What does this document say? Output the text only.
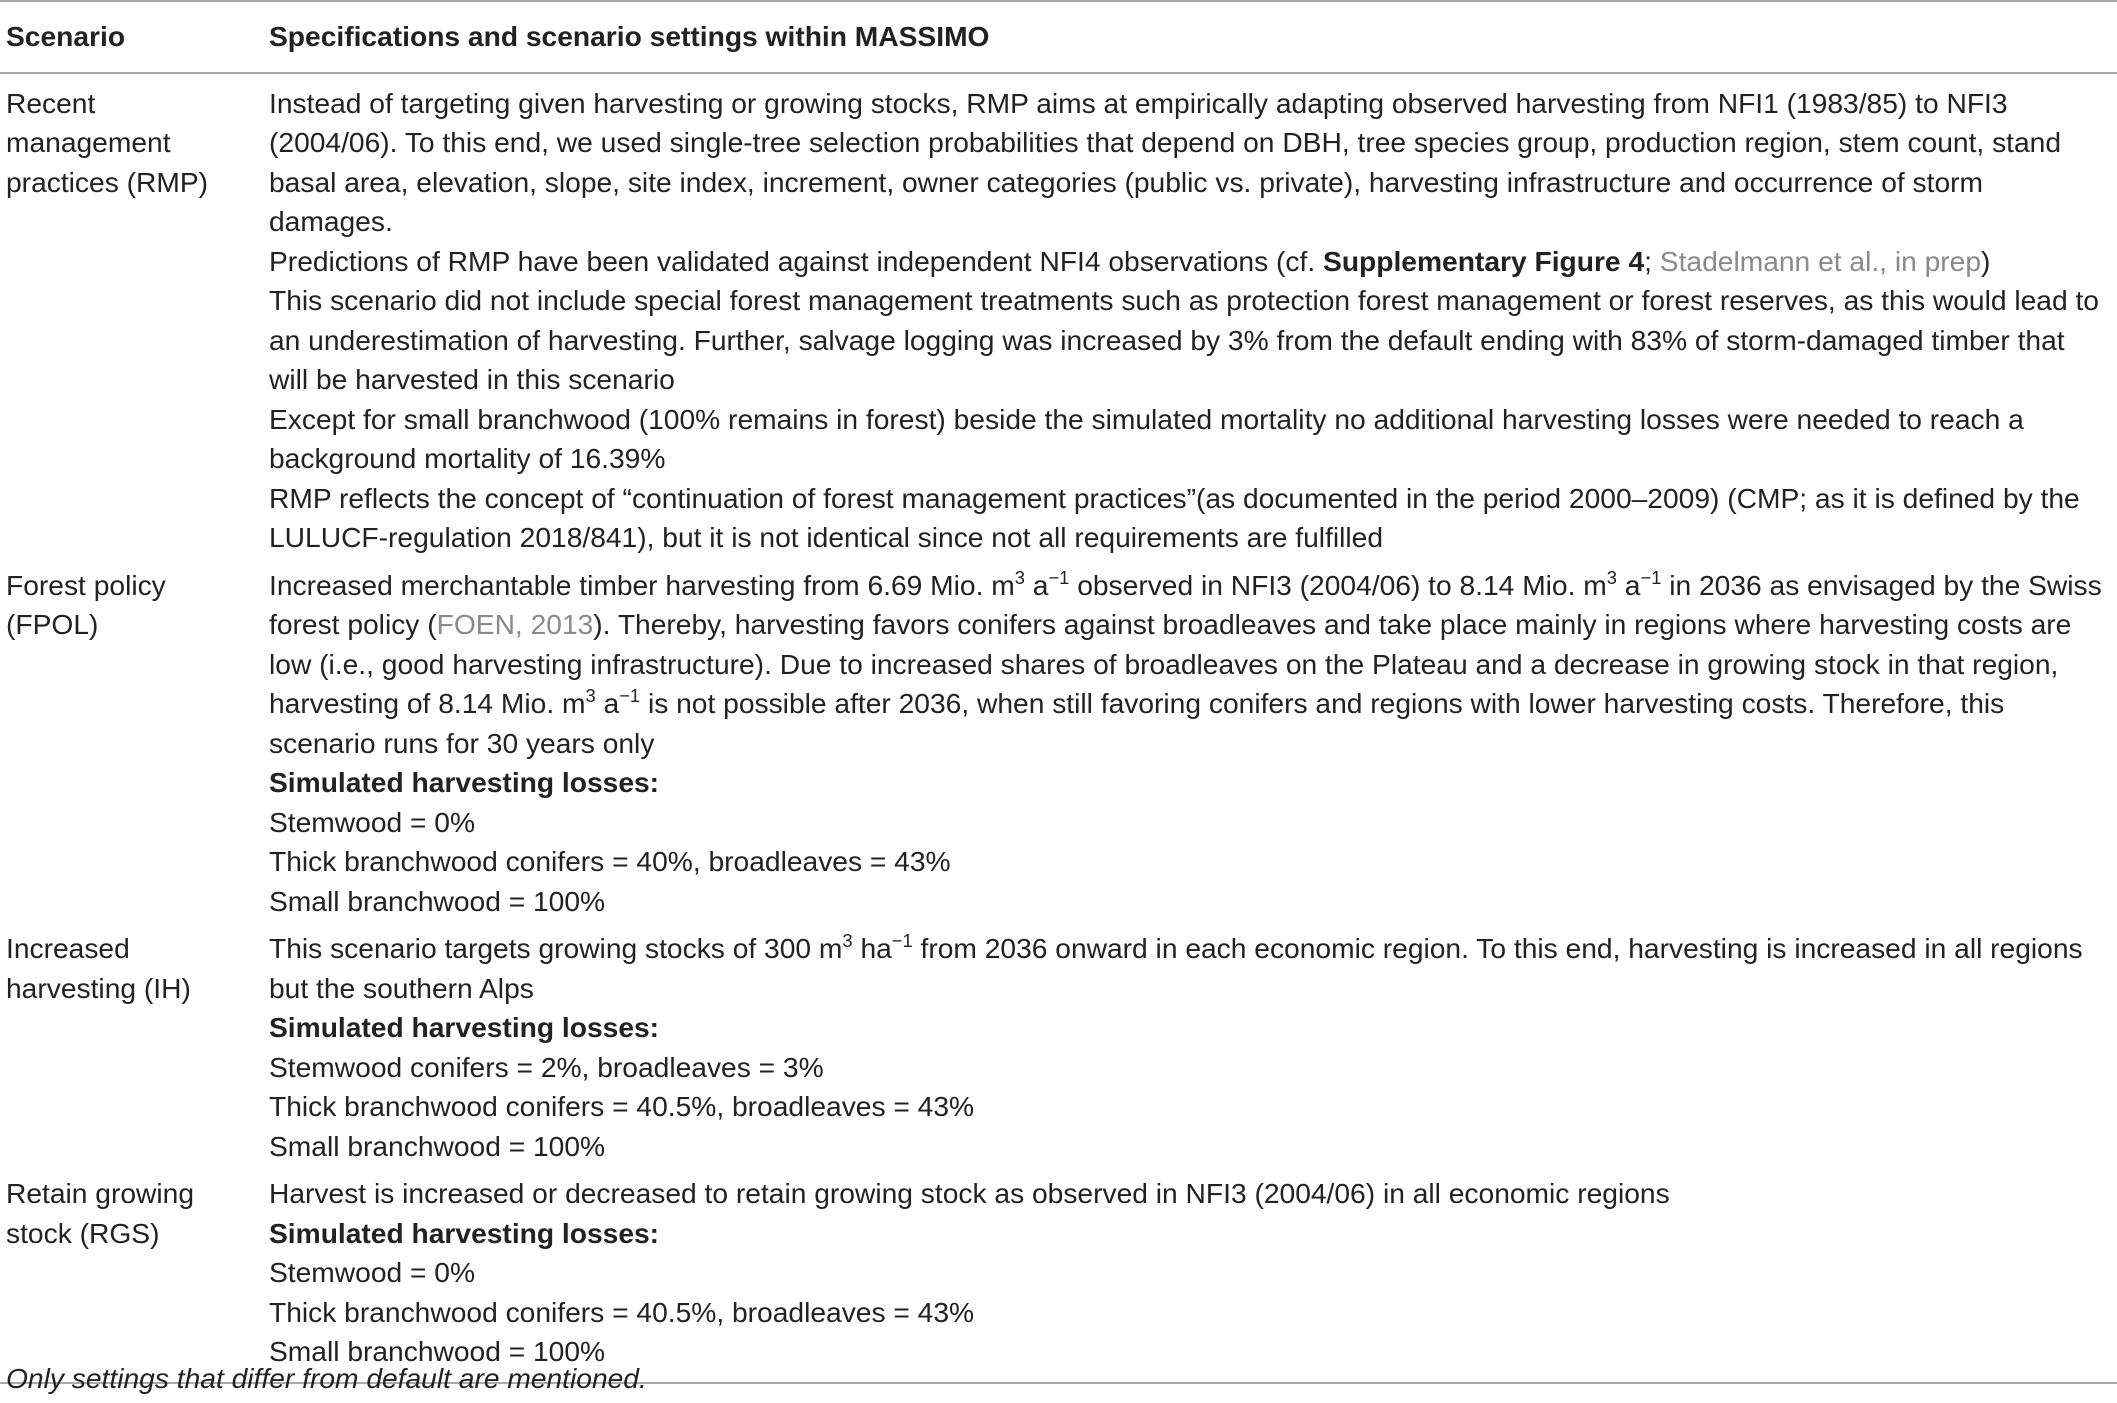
Scenario	Specifications and scenario settings within MASSIMO
Recent management practices (RMP)	Instead of targeting given harvesting or growing stocks, RMP aims at empirically adapting observed harvesting from NFI1 (1983/85) to NFI3 (2004/06). To this end, we used single-tree selection probabilities that depend on DBH, tree species group, production region, stem count, stand basal area, elevation, slope, site index, increment, owner categories (public vs. private), harvesting infrastructure and occurrence of storm damages.
Predictions of RMP have been validated against independent NFI4 observations (cf. Supplementary Figure 4; Stadelmann et al., in prep)
This scenario did not include special forest management treatments such as protection forest management or forest reserves, as this would lead to an underestimation of harvesting. Further, salvage logging was increased by 3% from the default ending with 83% of storm-damaged timber that will be harvested in this scenario
Except for small branchwood (100% remains in forest) beside the simulated mortality no additional harvesting losses were needed to reach a background mortality of 16.39%
RMP reflects the concept of “continuation of forest management practices”(as documented in the period 2000–2009) (CMP; as it is defined by the LULUCF-regulation 2018/841), but it is not identical since not all requirements are fulfilled

Forest policy (FPOL)	Increased merchantable timber harvesting from 6.69 Mio. $m^3$ $a^{-1}$ observed in NFI3 (2004/06) to 8.14 Mio. $m^3$ $a^{-1}$ in 2036 as envisaged by the Swiss forest policy (FOEN, 2013). Thereby, harvesting favors conifers against broadleaves and take place mainly in regions where harvesting costs are low (i.e., good harvesting infrastructure). Due to increased shares of broadleaves on the Plateau and a decrease in growing stock in that region, harvesting of 8.14 Mio. $m^3$ $a^{-1}$ is not possible after 2036, when still favoring conifers and regions with lower harvesting costs. Therefore, this scenario runs for 30 years only
Simulated harvesting losses:
Stemwood = 0%
Thick branchwood conifers = 40%, broadleaves = 43%
Small branchwood = 100%

Increased harvesting (IH)	This scenario targets growing stocks of 300 $m^3$ $ha^{-1}$ from 2036 onward in each economic region. To this end, harvesting is increased in all regions but the southern Alps
Simulated harvesting losses:
Stemwood conifers = 2%, broadleaves = 3%
Thick branchwood conifers = 40.5%, broadleaves = 43%
Small branchwood = 100%

Retain growing stock (RGS)	Harvest is increased or decreased to retain growing stock as observed in NFI3 (2004/06) in all economic regions
Simulated harvesting losses:
Stemwood = 0%
Thick branchwood conifers = 40.5%, broadleaves = 43%
Small branchwood = 100%
Only settings that differ from default are mentioned.
